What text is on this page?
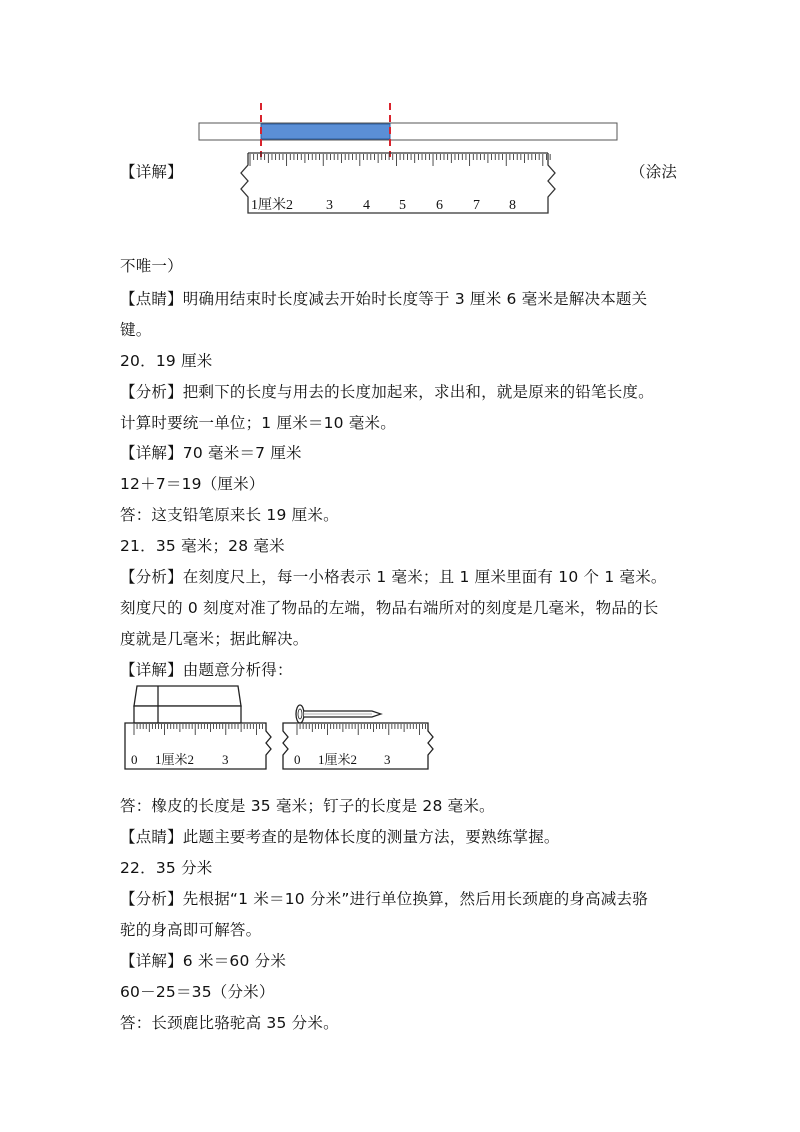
1厘米2 3 4 5 6 7 8
【详解】	（涂法
不唯一）
【点睛】明确用结束时长度减去开始时长度等于 3 厘米 6 毫米是解决本题关
键。
20．19 厘米
【分析】把剩下的长度与用去的长度加起来，求出和，就是原来的铅笔长度。
计算时要统一单位；1 厘米＝10 毫米。
【详解】70 毫米＝7 厘米
12＋7＝19（厘米）
答：这支铅笔原来长 19 厘米。
21．35 毫米；28 毫米
【分析】在刻度尺上，每一小格表示 1 毫米；且 1 厘米里面有 10 个 1 毫米。
刻度尺的 0 刻度对准了物品的左端，物品右端所对的刻度是几毫米，物品的长
度就是几毫米；据此解决。
【详解】由题意分析得：
0 1厘米2 3	0 1厘米2 3
答：橡皮的长度是 35 毫米；钉子的长度是 28 毫米。
【点睛】此题主要考查的是物体长度的测量方法，要熟练掌握。
22．35 分米
【分析】先根据“1 米＝10 分米”进行单位换算，然后用长颈鹿的身高减去骆
驼的身高即可解答。
【详解】6 米＝60 分米
60－25＝35（分米）
答：长颈鹿比骆驼高 35 分米。
